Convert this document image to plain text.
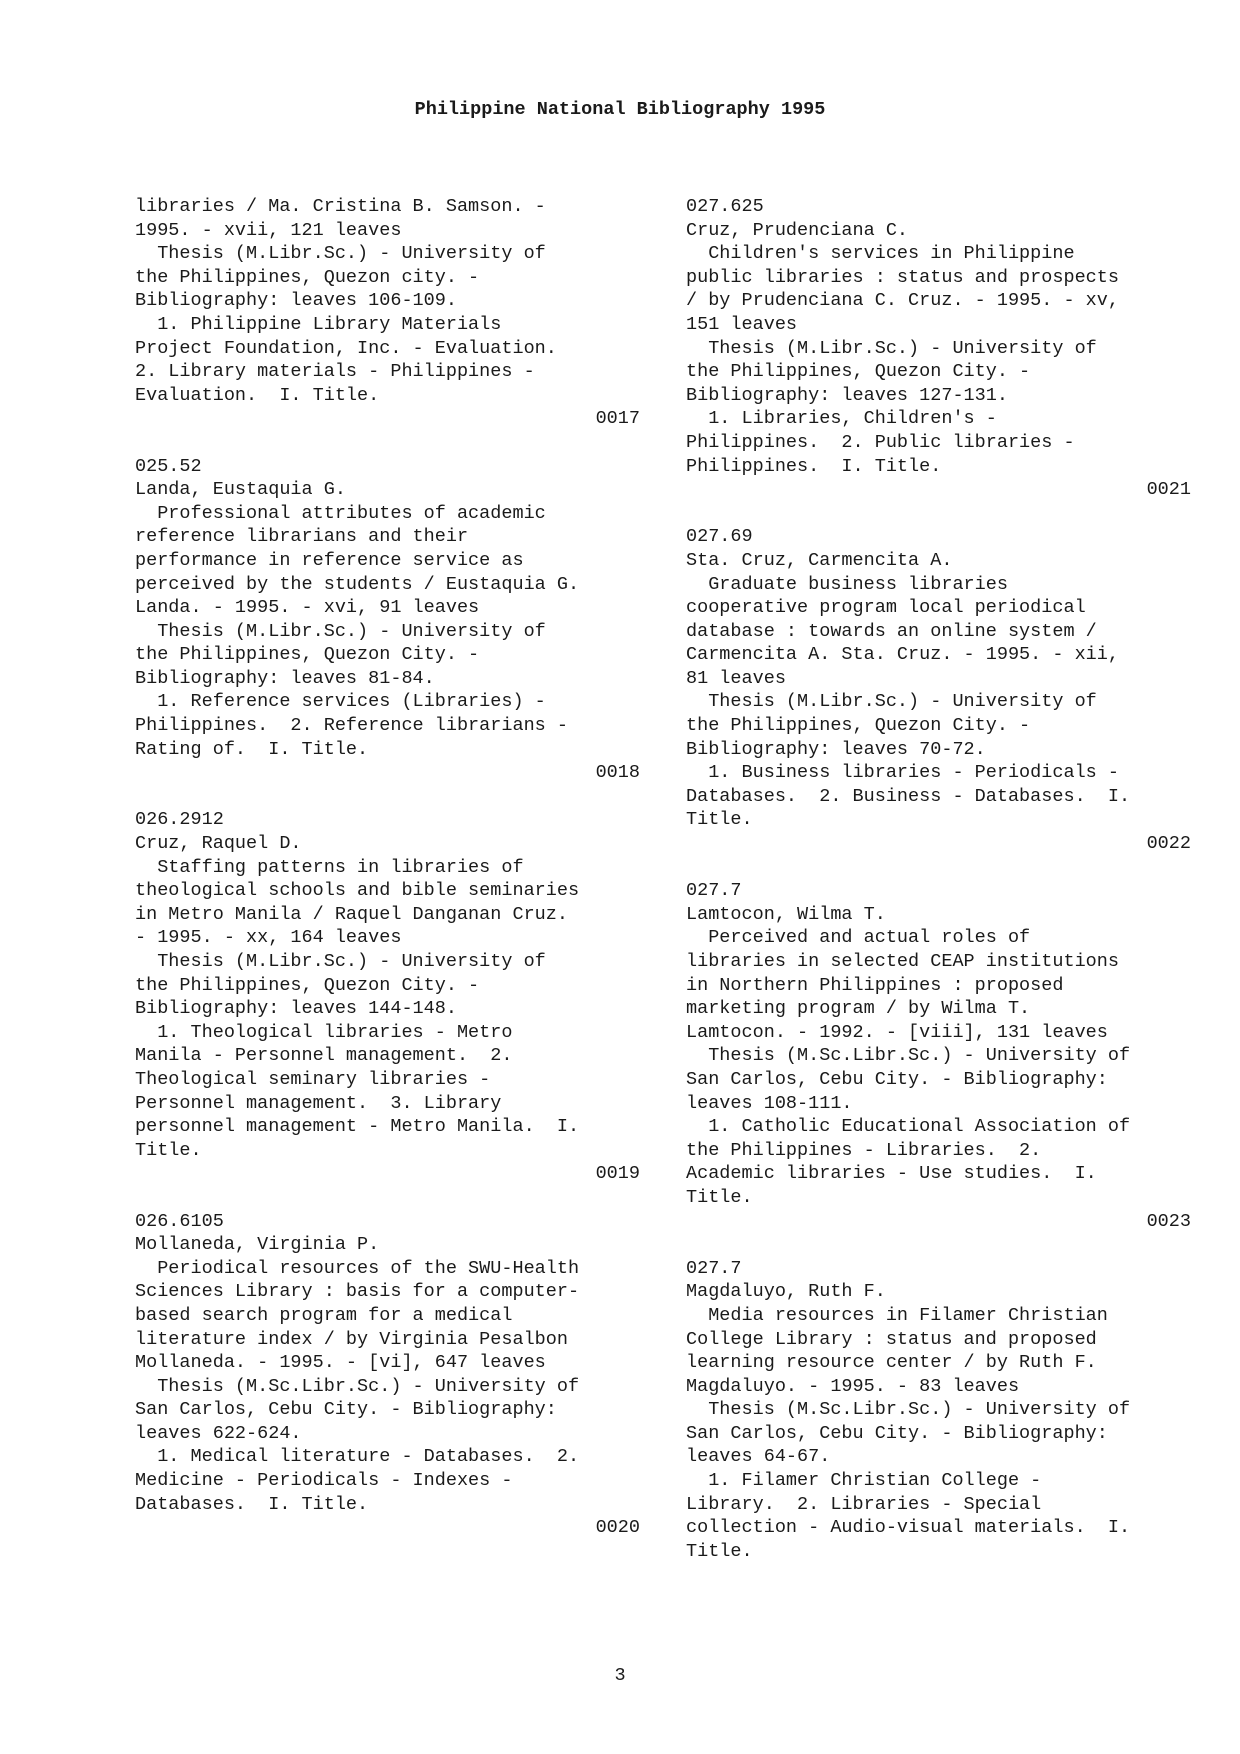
Philippine National Bibliography 1995
libraries / Ma. Cristina B. Samson. -
1995. - xvii, 121 leaves
Thesis (M.Libr.Sc.) - University of
the Philippines, Quezon city. -
Bibliography: leaves 106-109.
1. Philippine Library Materials
Project Foundation, Inc. - Evaluation.
2. Library materials - Philippines -
Evaluation.  I. Title.
0017
025.52
Landa, Eustaquia G.
Professional attributes of academic
reference librarians and their
performance in reference service as
perceived by the students / Eustaquia G.
Landa. - 1995. - xvi, 91 leaves
Thesis (M.Libr.Sc.) - University of
the Philippines, Quezon City. -
Bibliography: leaves 81-84.
1. Reference services (Libraries) -
Philippines.  2. Reference librarians -
Rating of.  I. Title.
0018
026.2912
Cruz, Raquel D.
Staffing patterns in libraries of
theological schools and bible seminaries
in Metro Manila / Raquel Danganan Cruz.
- 1995. - xx, 164 leaves
Thesis (M.Libr.Sc.) - University of
the Philippines, Quezon City. -
Bibliography: leaves 144-148.
1. Theological libraries - Metro
Manila - Personnel management.  2.
Theological seminary libraries -
Personnel management.  3. Library
personnel management - Metro Manila.  I.
Title.
0019
026.6105
Mollaneda, Virginia P.
Periodical resources of the SWU-Health
Sciences Library : basis for a computer-
based search program for a medical
literature index / by Virginia Pesalbon
Mollaneda. - 1995. - [vi], 647 leaves
Thesis (M.Sc.Libr.Sc.) - University of
San Carlos, Cebu City. - Bibliography:
leaves 622-624.
1. Medical literature - Databases.  2.
Medicine - Periodicals - Indexes -
Databases.  I. Title.
0020
027.625
Cruz, Prudenciana C.
Children's services in Philippine
public libraries : status and prospects
/ by Prudenciana C. Cruz. - 1995. - xv,
151 leaves
Thesis (M.Libr.Sc.) - University of
the Philippines, Quezon City. -
Bibliography: leaves 127-131.
1. Libraries, Children's -
Philippines.  2. Public libraries -
Philippines.  I. Title.
0021
027.69
Sta. Cruz, Carmencita A.
Graduate business libraries
cooperative program local periodical
database : towards an online system /
Carmencita A. Sta. Cruz. - 1995. - xii,
81 leaves
Thesis (M.Libr.Sc.) - University of
the Philippines, Quezon City. -
Bibliography: leaves 70-72.
1. Business libraries - Periodicals -
Databases.  2. Business - Databases.  I.
Title.
0022
027.7
Lamtocon, Wilma T.
Perceived and actual roles of
libraries in selected CEAP institutions
in Northern Philippines : proposed
marketing program / by Wilma T.
Lamtocon. - 1992. - [viii], 131 leaves
Thesis (M.Sc.Libr.Sc.) - University of
San Carlos, Cebu City. - Bibliography:
leaves 108-111.
1. Catholic Educational Association of
the Philippines - Libraries.  2.
Academic libraries - Use studies.  I.
Title.
0023
027.7
Magdaluyo, Ruth F.
Media resources in Filamer Christian
College Library : status and proposed
learning resource center / by Ruth F.
Magdaluyo. - 1995. - 83 leaves
Thesis (M.Sc.Libr.Sc.) - University of
San Carlos, Cebu City. - Bibliography:
leaves 64-67.
1. Filamer Christian College -
Library.  2. Libraries - Special
collection - Audio-visual materials.  I.
Title.
3
